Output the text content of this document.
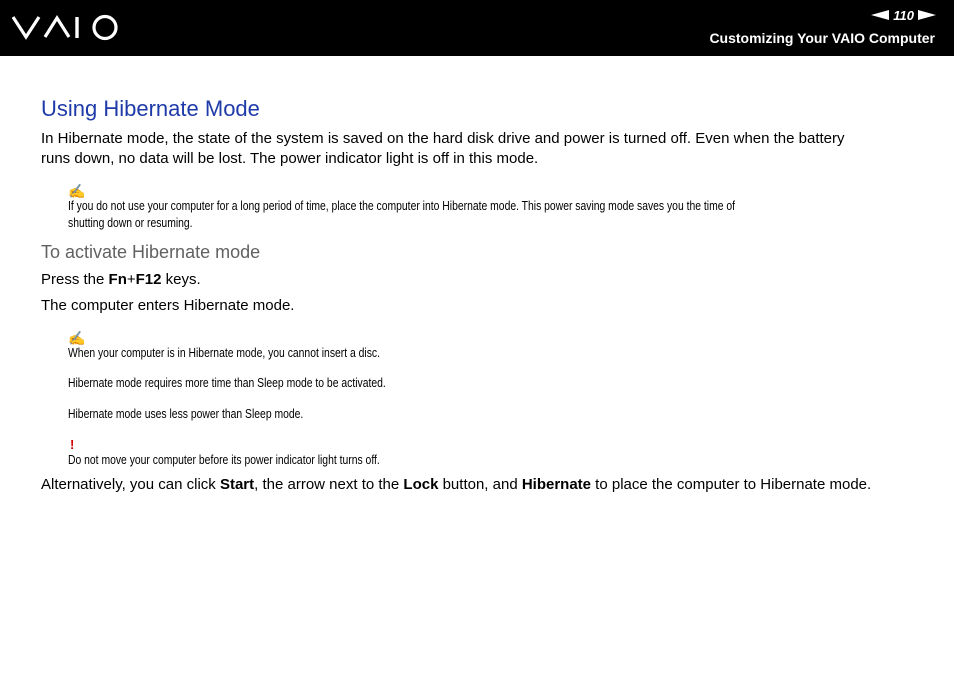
110
Customizing Your VAIO Computer
Using Hibernate Mode

In Hibernate mode, the state of the system is saved on the hard disk drive and power is turned off. Even when the battery

runs down, no data will be lost. The power indicator light is off in this mode.

✍

If you do not use your computer for a long period of time, place the computer into Hibernate mode. This power saving mode saves you the time of

shutting down or resuming.

To activate Hibernate mode

Press the Fn+F12 keys.

The computer enters Hibernate mode.

✍

When your computer is in Hibernate mode, you cannot insert a disc.

Hibernate mode requires more time than Sleep mode to be activated.

Hibernate mode uses less power than Sleep mode.

!

Do not move your computer before its power indicator light turns off.

Alternatively, you can click Start, the arrow next to the Lock button, and Hibernate to place the computer to Hibernate mode.
